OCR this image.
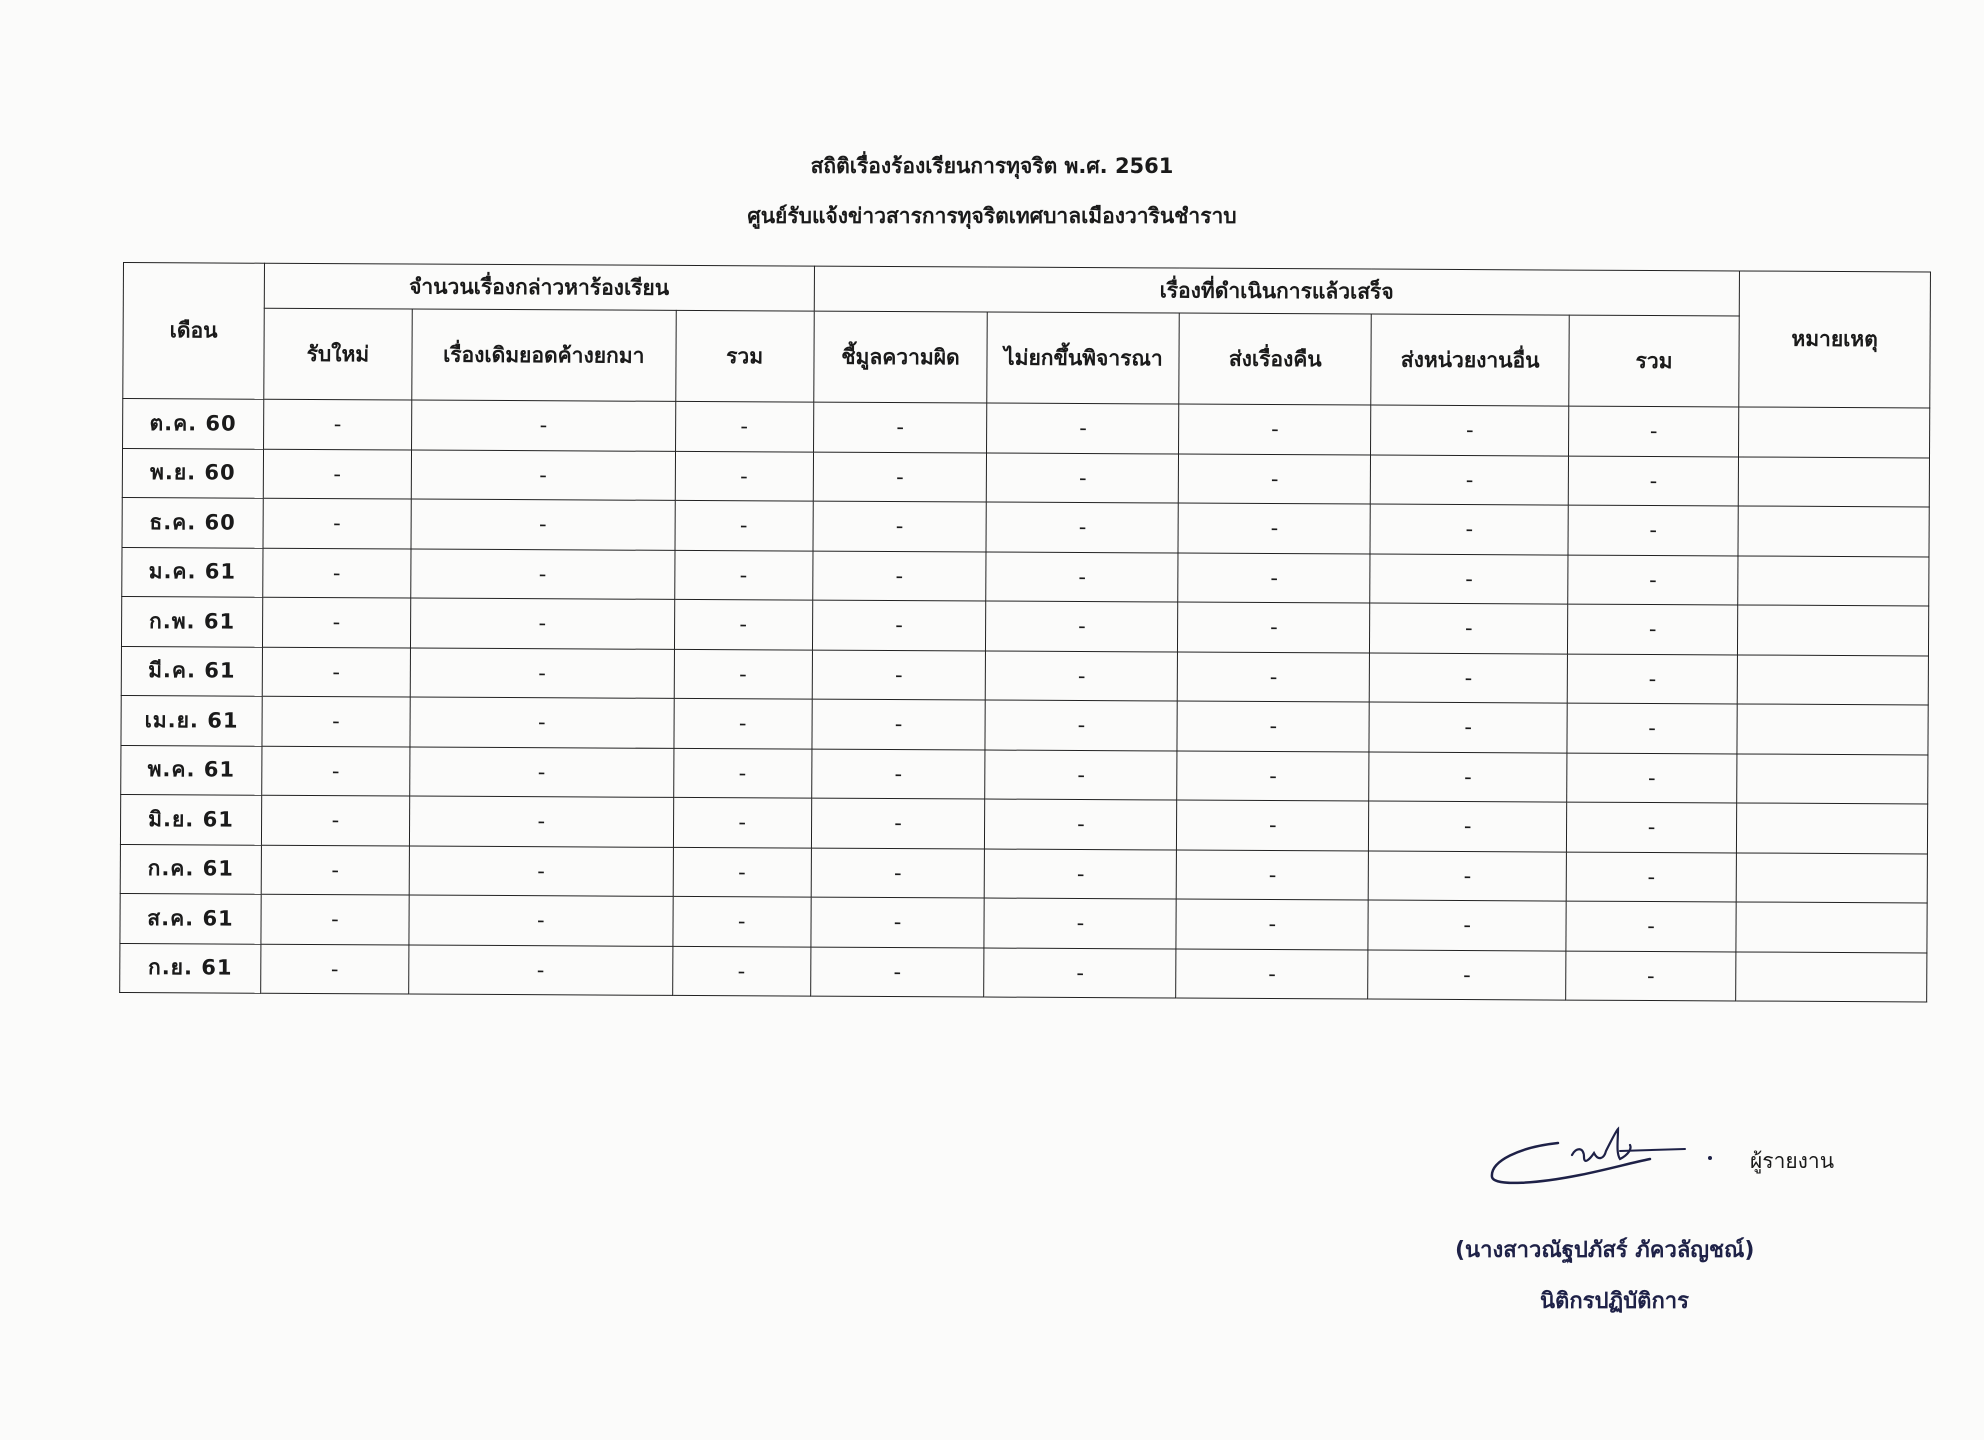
สถิติเรื่องร้องเรียนการทุจริต พ.ศ. 2561
ศูนย์รับแจ้งข่าวสารการทุจริตเทศบาลเมืองวารินชำราบ
เดือน	จำนวนเรื่องกล่าวหาร้องเรียน			เรื่องที่ดำเนินการแล้วเสร็จ					หมายเหตุ
	รับใหม่	เรื่องเดิมยอดค้างยกมา	รวม	ชี้มูลความผิด	ไม่ยกขึ้นพิจารณา	ส่งเรื่องคืน	ส่งหน่วยงานอื่น	รวม	
ต.ค. 60	-	-	-	-	-	-	-	-	
พ.ย. 60	-	-	-	-	-	-	-	-	
ธ.ค. 60	-	-	-	-	-	-	-	-	
ม.ค. 61	-	-	-	-	-	-	-	-	
ก.พ. 61	-	-	-	-	-	-	-	-	
มี.ค. 61	-	-	-	-	-	-	-	-	
เม.ย. 61	-	-	-	-	-	-	-	-	
พ.ค. 61	-	-	-	-	-	-	-	-	
มิ.ย. 61	-	-	-	-	-	-	-	-	
ก.ค. 61	-	-	-	-	-	-	-	-	
ส.ค. 61	-	-	-	-	-	-	-	-	
ก.ย. 61	-	-	-	-	-	-	-	-	
ผู้รายงาน
(นางสาวณัฐปภัสร์ ภัควลัญชณ์)
นิติกรปฏิบัติการ
